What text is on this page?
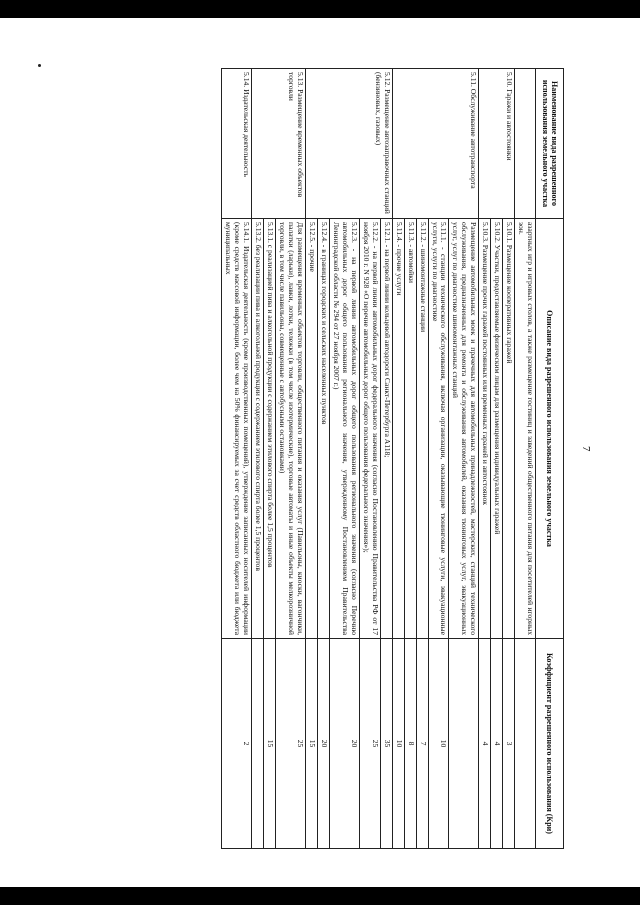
7
Наименование вида разрешенного использования земельного участка	Описание вида разрешенного использования земельного участка	Коэффициент разрешенного использования (Кри)
	азартных игр и игровых столов, а также размещение гостиниц и заведений общественного питания для посетителей игорных зон.	
5.10. Гаражи и автостоянки	5.10.1. Размещение кооперативных гаражей	3
	5.10.2. Участки, предоставляемые физическим лицам для размещения индивидуальных гаражей	4
	5.10.3. Размещение прочих гаражей постоянных или временных гаражей и автостоянок	4
5.11. Обслуживание автотранспорта	Размещение автомобильных моек и прачечных для автомобильных принадлежностей, мастерских, станций технического обслуживания, предназначенных для ремонта и обслуживания автомобилей, оказания тюнинговых услуг, эвакуационных услуг, услуг по диагностике шиномонтажных станций	
	5.11.1. - станции технического обслуживания, включая организации, оказывающие тюнинговые услуги, эвакуационные услуги, услуги по диагностике	10
	5.11.2. - шиномонтажные станции	7
	5.11.3. - автомойки	8
	5.11.4. - прочие услуги	10
5.12. Размещение автозаправочных станций (бензиновых, газовых)	5.12.1. - на первой линии кольцевой автодороги Санкт-Петербурга А118;	35
	5.12.2. - на первой линии автомобильных дорог федерального значения (согласно Постановлению Правительства РФ от 17 ноября 2010 г. N 928 «О перечне автомобильных дорог общего пользования федерального значения»);	25
	5.12.3. - на первой линии автомобильных дорог общего пользования регионального значения (согласно Перечню автомобильных дорог общего пользования регионального значения, утвержденному Постановлением Правительства Ленинградской области № 294 от 27 ноября 2007 г.)	20
	5.12.4. - в границах городских и сельских населенных пунктов	20
	5.12.5. - прочие	15
5.13. Размещение временных объектов торговли	Для размещения временных объектов торговли, общественного питания и оказания услуг (Павильоны, киоски, вагончики, палатки (ларьки), лавки, лотки, тележки (в том числе изотермические), торговые автоматы и иные объекты мелкорозничной торговли, в том числе павильоны, совмещенные с автобусными остановками)	25
	5.13.1. с реализацией пива и алкогольной продукции с содержанием этилового спирта более 1,5 процентов	15
	5.13.2. без реализации пива и алкогольной продукции с содержанием этилового спирта более 1,5 процентов	
5.14. Издательская деятельность	5.14.1. Издательская деятельность (кроме производственных помещений), утверждение записанных носителей информации (кроме средств массовой информации, более чем на 50% финансируемых за счет средств областного бюджета или бюджета муниципальных	2
